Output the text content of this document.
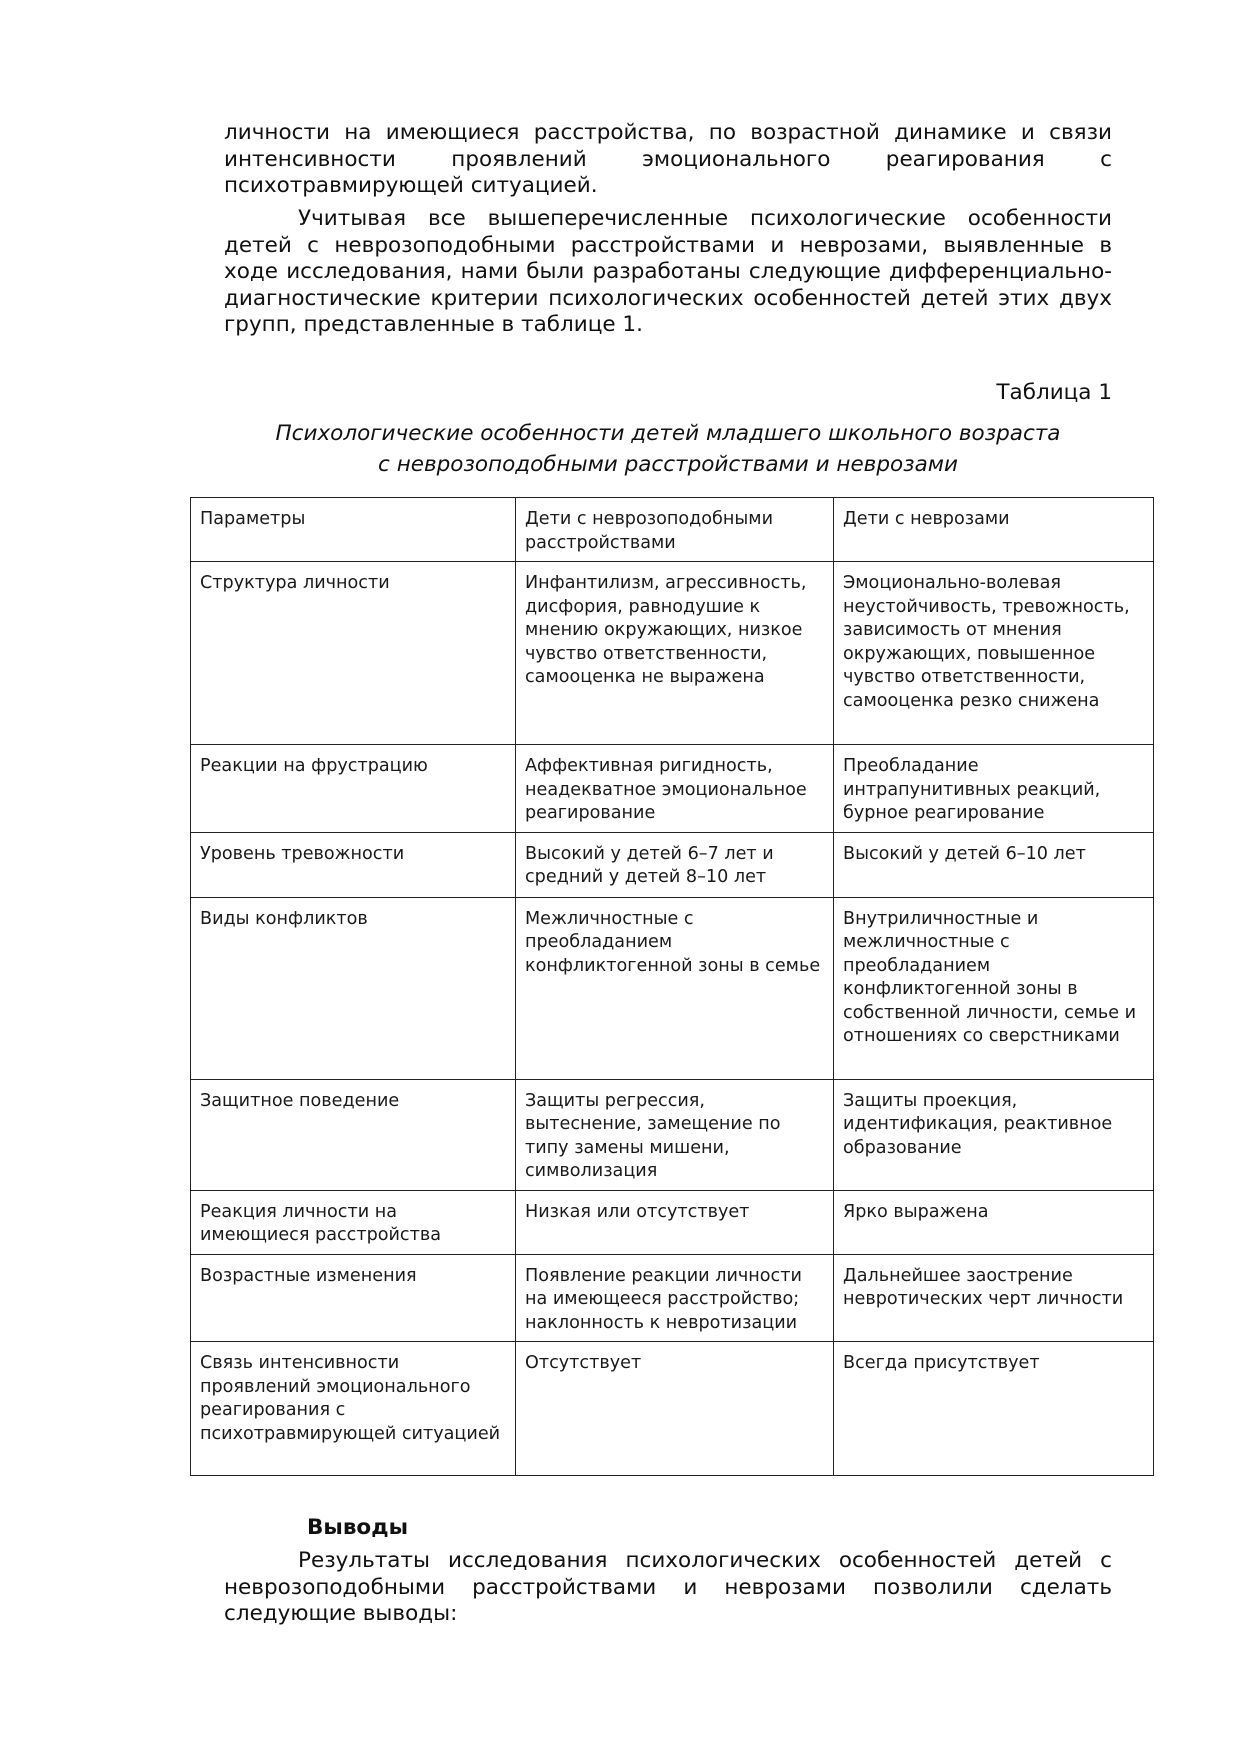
личности на имеющиеся расстройства, по возрастной динамике и связи интенсивности проявлений эмоционального реагирования с психотравмирующей ситуацией.

Учитывая все вышеперечисленные психологические особенности детей с неврозоподобными расстройствами и неврозами, выявленные в ходе исследования, нами были разработаны следующие дифференциально-диагностические критерии психологических особенностей детей этих двух групп, представленные в таблице 1.

Таблица 1

Психологические особенности детей младшего школьного возраста
с неврозоподобными расстройствами и неврозами

Параметры	Дети с неврозоподобными расстройствами	Дети с неврозами
Структура личности	Инфантилизм, агрессивность, дисфория, равнодушие к мнению окружающих, низкое чувство ответственности, самооценка не выражена	Эмоционально-волевая неустойчивость, тревожность, зависимость от мнения окружающих, повышенное чувство ответственности, самооценка резко снижена
Реакции на фрустрацию	Аффективная ригидность, неадекватное эмоциональное реагирование	Преобладание интрапунитивных реакций, бурное реагирование
Уровень тревожности	Высокий у детей 6–7 лет и средний у детей 8–10 лет	Высокий у детей 6–10 лет
Виды конфликтов	Межличностные с преобладанием конфликтогенной зоны в семье	Внутриличностные и межличностные с преобладанием конфликтогенной зоны в собственной личности, семье и отношениях со сверстниками
Защитное поведение	Защиты регрессия, вытеснение, замещение по типу замены мишени, символизация	Защиты проекция, идентификация, реактивное образование
Реакция личности на имеющиеся расстройства	Низкая или отсутствует	Ярко выражена
Возрастные изменения	Появление реакции личности на имеющееся расстройство; наклонность к невротизации	Дальнейшее заострение невротических черт личности
Связь интенсивности проявлений эмоционального реагирования с психотравмирующей ситуацией	Отсутствует	Всегда присутствует

Выводы

Результаты исследования психологических особенностей детей с неврозоподобными расстройствами и неврозами позволили сделать следующие выводы:
